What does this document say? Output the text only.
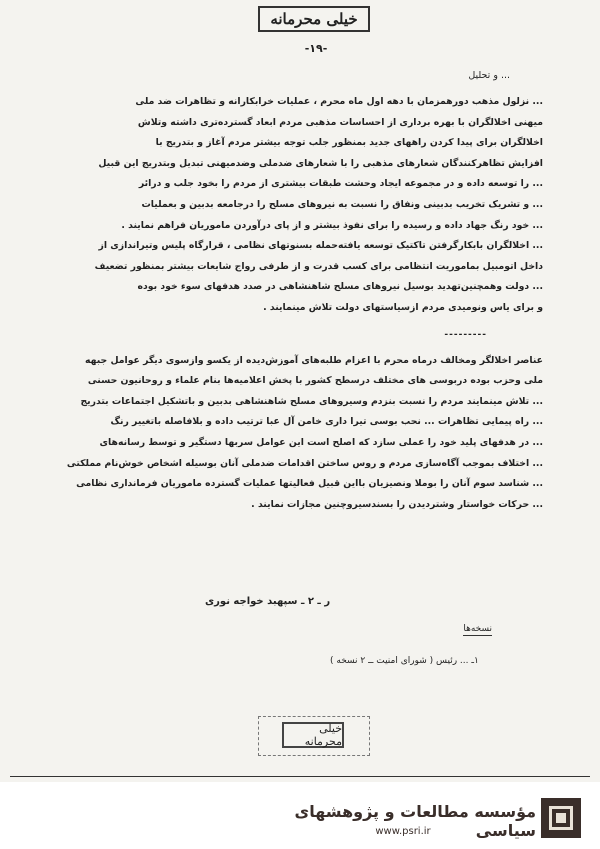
خیلی محرمانه
-۱۹-
... و تحلیل

... نزلول مذهب دورهمزمان با دهه اول ماه محرم ، عملیات خرابکارانه و تظاهرات ضد ملی

میهنی اخلالگران با بهره برداری از احساسات مذهبی مردم ابعاد گسترده‌تری داشته وتلاش

اخلالگران برای پیدا کردن راههای جدید بمنظور جلب توجه بیشتر مردم آغاز و بتدریج با

افزایش تظاهرکنندگان شعارهای مذهبی را با شعارهای ضدملی وضدمیهنی تبدیل وبتدریج این قبیل

... را توسعه داده و در مجموعه ایجاد وحشت طبقات بیشتری از مردم را بخود جلب و درائر

... و تشریک تخریب بدبینی ونفاق را نسبت به نیروهای مسلح را درجامعه بدبین و بعملیات

... خود رنگ جهاد داده و رسیده را برای نفوذ بیشتر و از پای درآوردن ماموریان فراهم نمایند .

... اخلالگران بابکارگرفتن تاکتیک توسعه یافته‌حمله بسنوتهای نظامی ، قرارگاه پلیس وتیراندازی از

داخل اتومبیل بماموریت انتظامی برای کسب قدرت و از طرفی رواج شایعات بیشتر بمنظور تضعیف

... دولت وهمچنین‌تهدید بوسیل نیروهای مسلح شاهنشاهی در صدد هدفهای سوء خود بوده

و برای یاس ونومیدی مردم ازسیاستهای دولت تلاش مینمایند .

---------

عناصر اخلالگر ومخالف درماه محرم با اعزام طلبه‌های آموزش‌دیده از یکسو وازسوی دیگر عوامل جبهه

ملی وحزب بوده دربوسی های مختلف درسطح کشور با پخش اعلامیه‌ها بنام علماء و روحانیون حسنی

... تلاش مینمایند مردم را نسبت بنزدم وسیروهای مسلح شاهنشاهی بدبین و باتشکیل اجتماعات بتدریج

... راه پیمایی تظاهرات ... نحب بوسی تیرا داری خامن آل عبا ترتیب داده و بلافاصله باتغییر رنگ

... در هدفهای پلید خود را عملی سازد که اصلح است این عوامل سربها دستگیر و توسط رسانه‌های

... اختلاف بموجب آگاه‌سازی مردم و روس ساختن اقدامات ضدملی آنان بوسیله اشخاص خوش‌نام مملکتی

... شناسد سوم آنان را بوملا ونصیزیان بااین قبیل فعالیتها عملیات گسترده ماموریان فرمانداری نظامی

... حرکات خواستار وشتردیدن را بسندسیروچنین مجازات نمایند .

ر ـ ۲ ـ سپهبد خواجه نوری
نسخه‌ها
۱ـ ... رئیس ( شورای امنیت ــ ۲ نسخه )
خیلی محرمانه
مؤسسه مطالعات و پژوهشهای سیاسی
www.psri.ir
